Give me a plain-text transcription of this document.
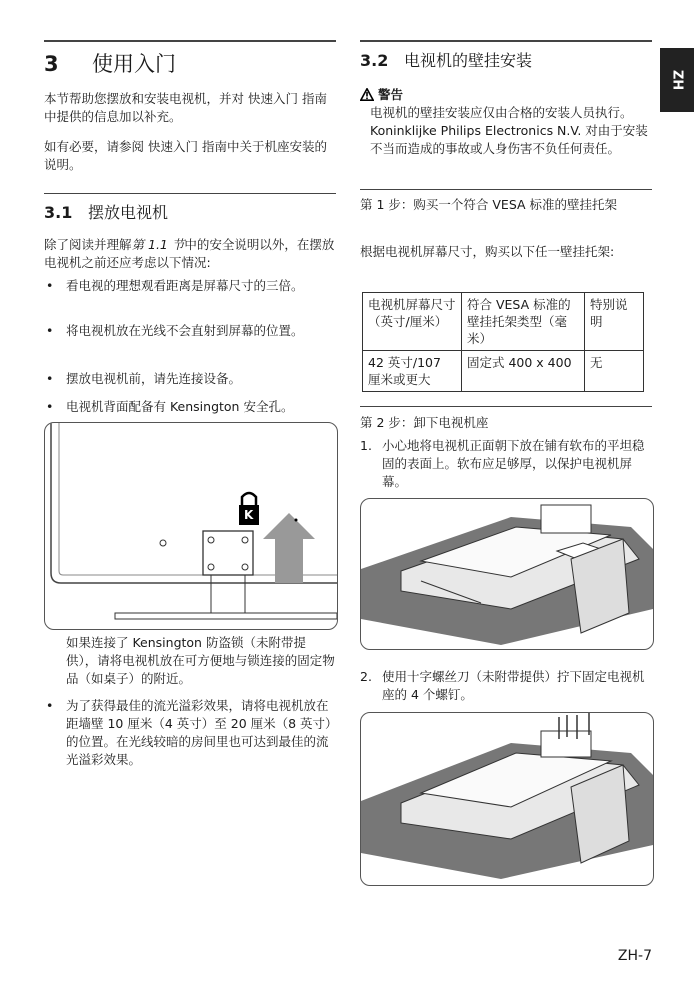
ZH
3 使用入门
本节帮助您摆放和安装电视机，并对 快速入门 指南中提供的信息加以补充。
如有必要，请参阅 快速入门 指南中关于机座安装的说明。
3.1 摆放电视机
除了阅读并理解第 1.1 节中的安全说明以外，在摆放电视机之前还应考虑以下情况:
• 看电视的理想观看距离是屏幕尺寸的三倍。
• 将电视机放在光线不会直射到屏幕的位置。
• 摆放电视机前，请先连接设备。
• 电视机背面配备有 Kensington 安全孔。
K
如果连接了 Kensington 防盗锁（未附带提供），请将电视机放在可方便地与锁连接的固定物品（如桌子）的附近。
• 为了获得最佳的流光溢彩效果，请将电视机放在距墙壁 10 厘米（4 英寸）至 20 厘米（8 英寸）的位置。在光线较暗的房间里也可达到最佳的流光溢彩效果。
3.2 电视机的壁挂安装
警告
电视机的壁挂安装应仅由合格的安装人员执行。Koninklijke Philips Electronics N.V. 对由于安装不当而造成的事故或人身伤害不负任何责任。
第 1 步：购买一个符合 VESA 标准的壁挂托架
根据电视机屏幕尺寸，购买以下任一壁挂托架:
电视机屏幕尺寸（英寸/厘米）	符合 VESA 标准的壁挂托架类型（毫米）	特别说明
42 英寸/107 厘米或更大	固定式 400 x 400	无
第 2 步：卸下电视机座
1. 小心地将电视机正面朝下放在铺有软布的平坦稳固的表面上。软布应足够厚，以保护电视机屏幕。
2. 使用十字螺丝刀（未附带提供）拧下固定电视机座的 4 个螺钉。
ZH-7
